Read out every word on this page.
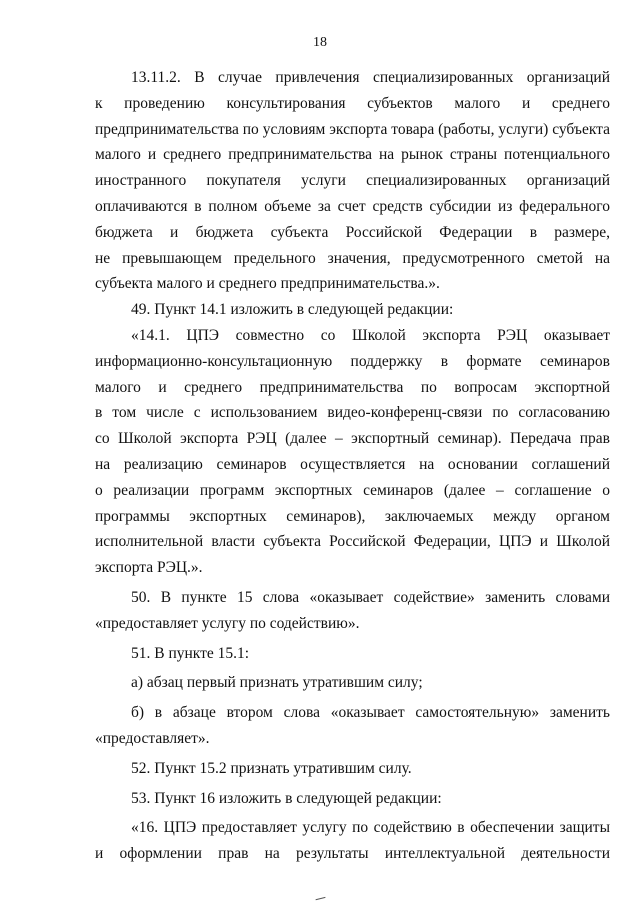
18
13.11.2. В случае привлечения специализированных организаций
к проведению консультирования субъектов малого и среднего
предпринимательства по условиям экспорта товара (работы, услуги) субъекта
малого и среднего предпринимательства на рынок страны потенциального
иностранного покупателя услуги специализированных организаций
оплачиваются в полном объеме за счет средств субсидии из федерального
бюджета и бюджета субъекта Российской Федерации в размере,
не превышающем предельного значения, предусмотренного сметой на
субъекта малого и среднего предпринимательства.».
49. Пункт 14.1 изложить в следующей редакции:
«14.1. ЦПЭ совместно со Школой экспорта РЭЦ оказывает
информационно-консультационную поддержку в формате семинаров
малого и среднего предпринимательства по вопросам экспортной
в том числе с использованием видео-конференц-связи по согласованию
со Школой экспорта РЭЦ (далее – экспортный семинар). Передача прав
на реализацию семинаров осуществляется на основании соглашений
о реализации программ экспортных семинаров (далее – соглашение о
программы экспортных семинаров), заключаемых между органом
исполнительной власти субъекта Российской Федерации, ЦПЭ и Школой
экспорта РЭЦ.».
50. В пункте 15 слова «оказывает содействие» заменить словами
«предоставляет услугу по содействию».
51. В пункте 15.1:
а) абзац первый признать утратившим силу;
б) в абзаце втором слова «оказывает самостоятельную» заменить
«предоставляет».
52. Пункт 15.2 признать утратившим силу.
53. Пункт 16 изложить в следующей редакции:
«16. ЦПЭ предоставляет услугу по содействию в обеспечении защиты
и оформлении прав на результаты интеллектуальной деятельности
